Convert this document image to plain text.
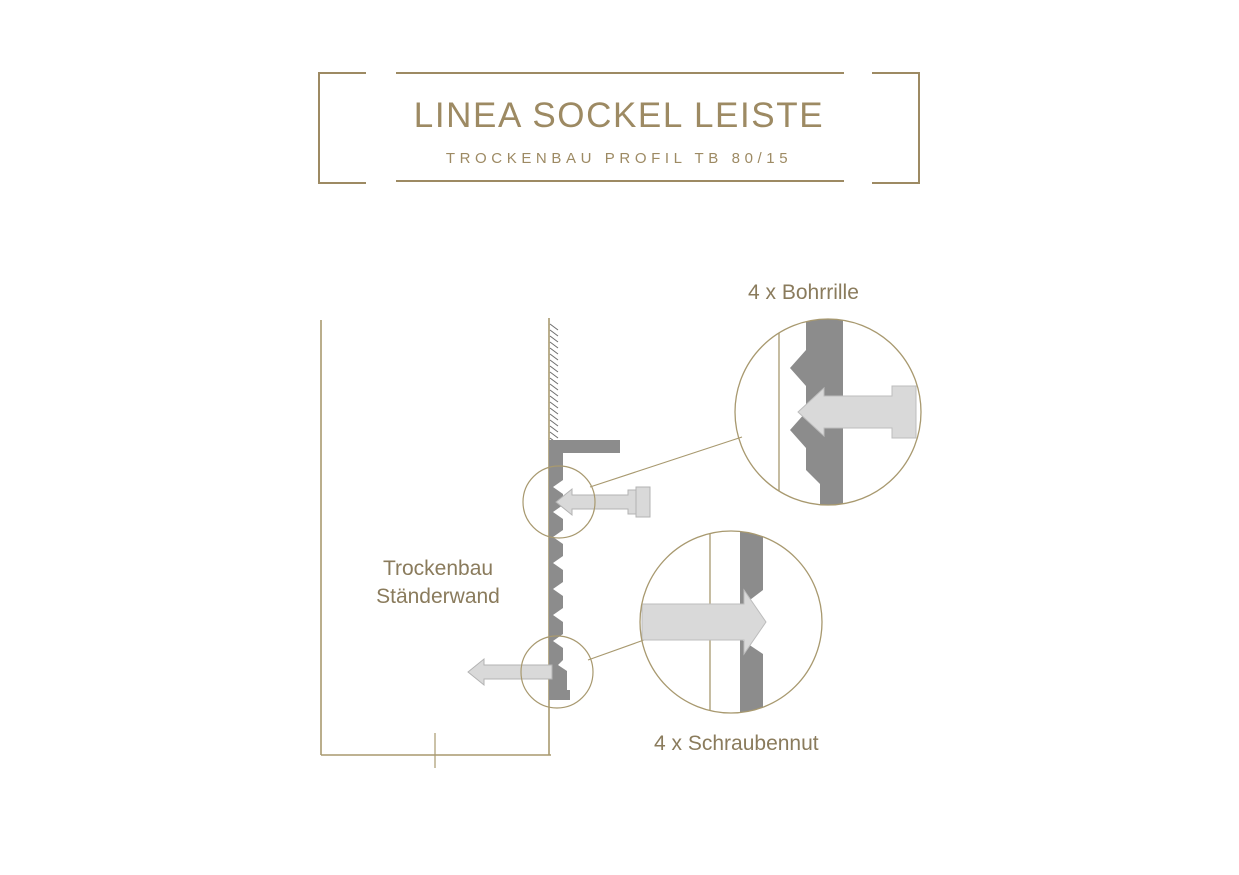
LINEA SOCKEL LEISTE
TROCKENBAU PROFIL TB 80/15
4 x Bohrrille
4 x Schraubennut
Trockenbau
Ständerwand
